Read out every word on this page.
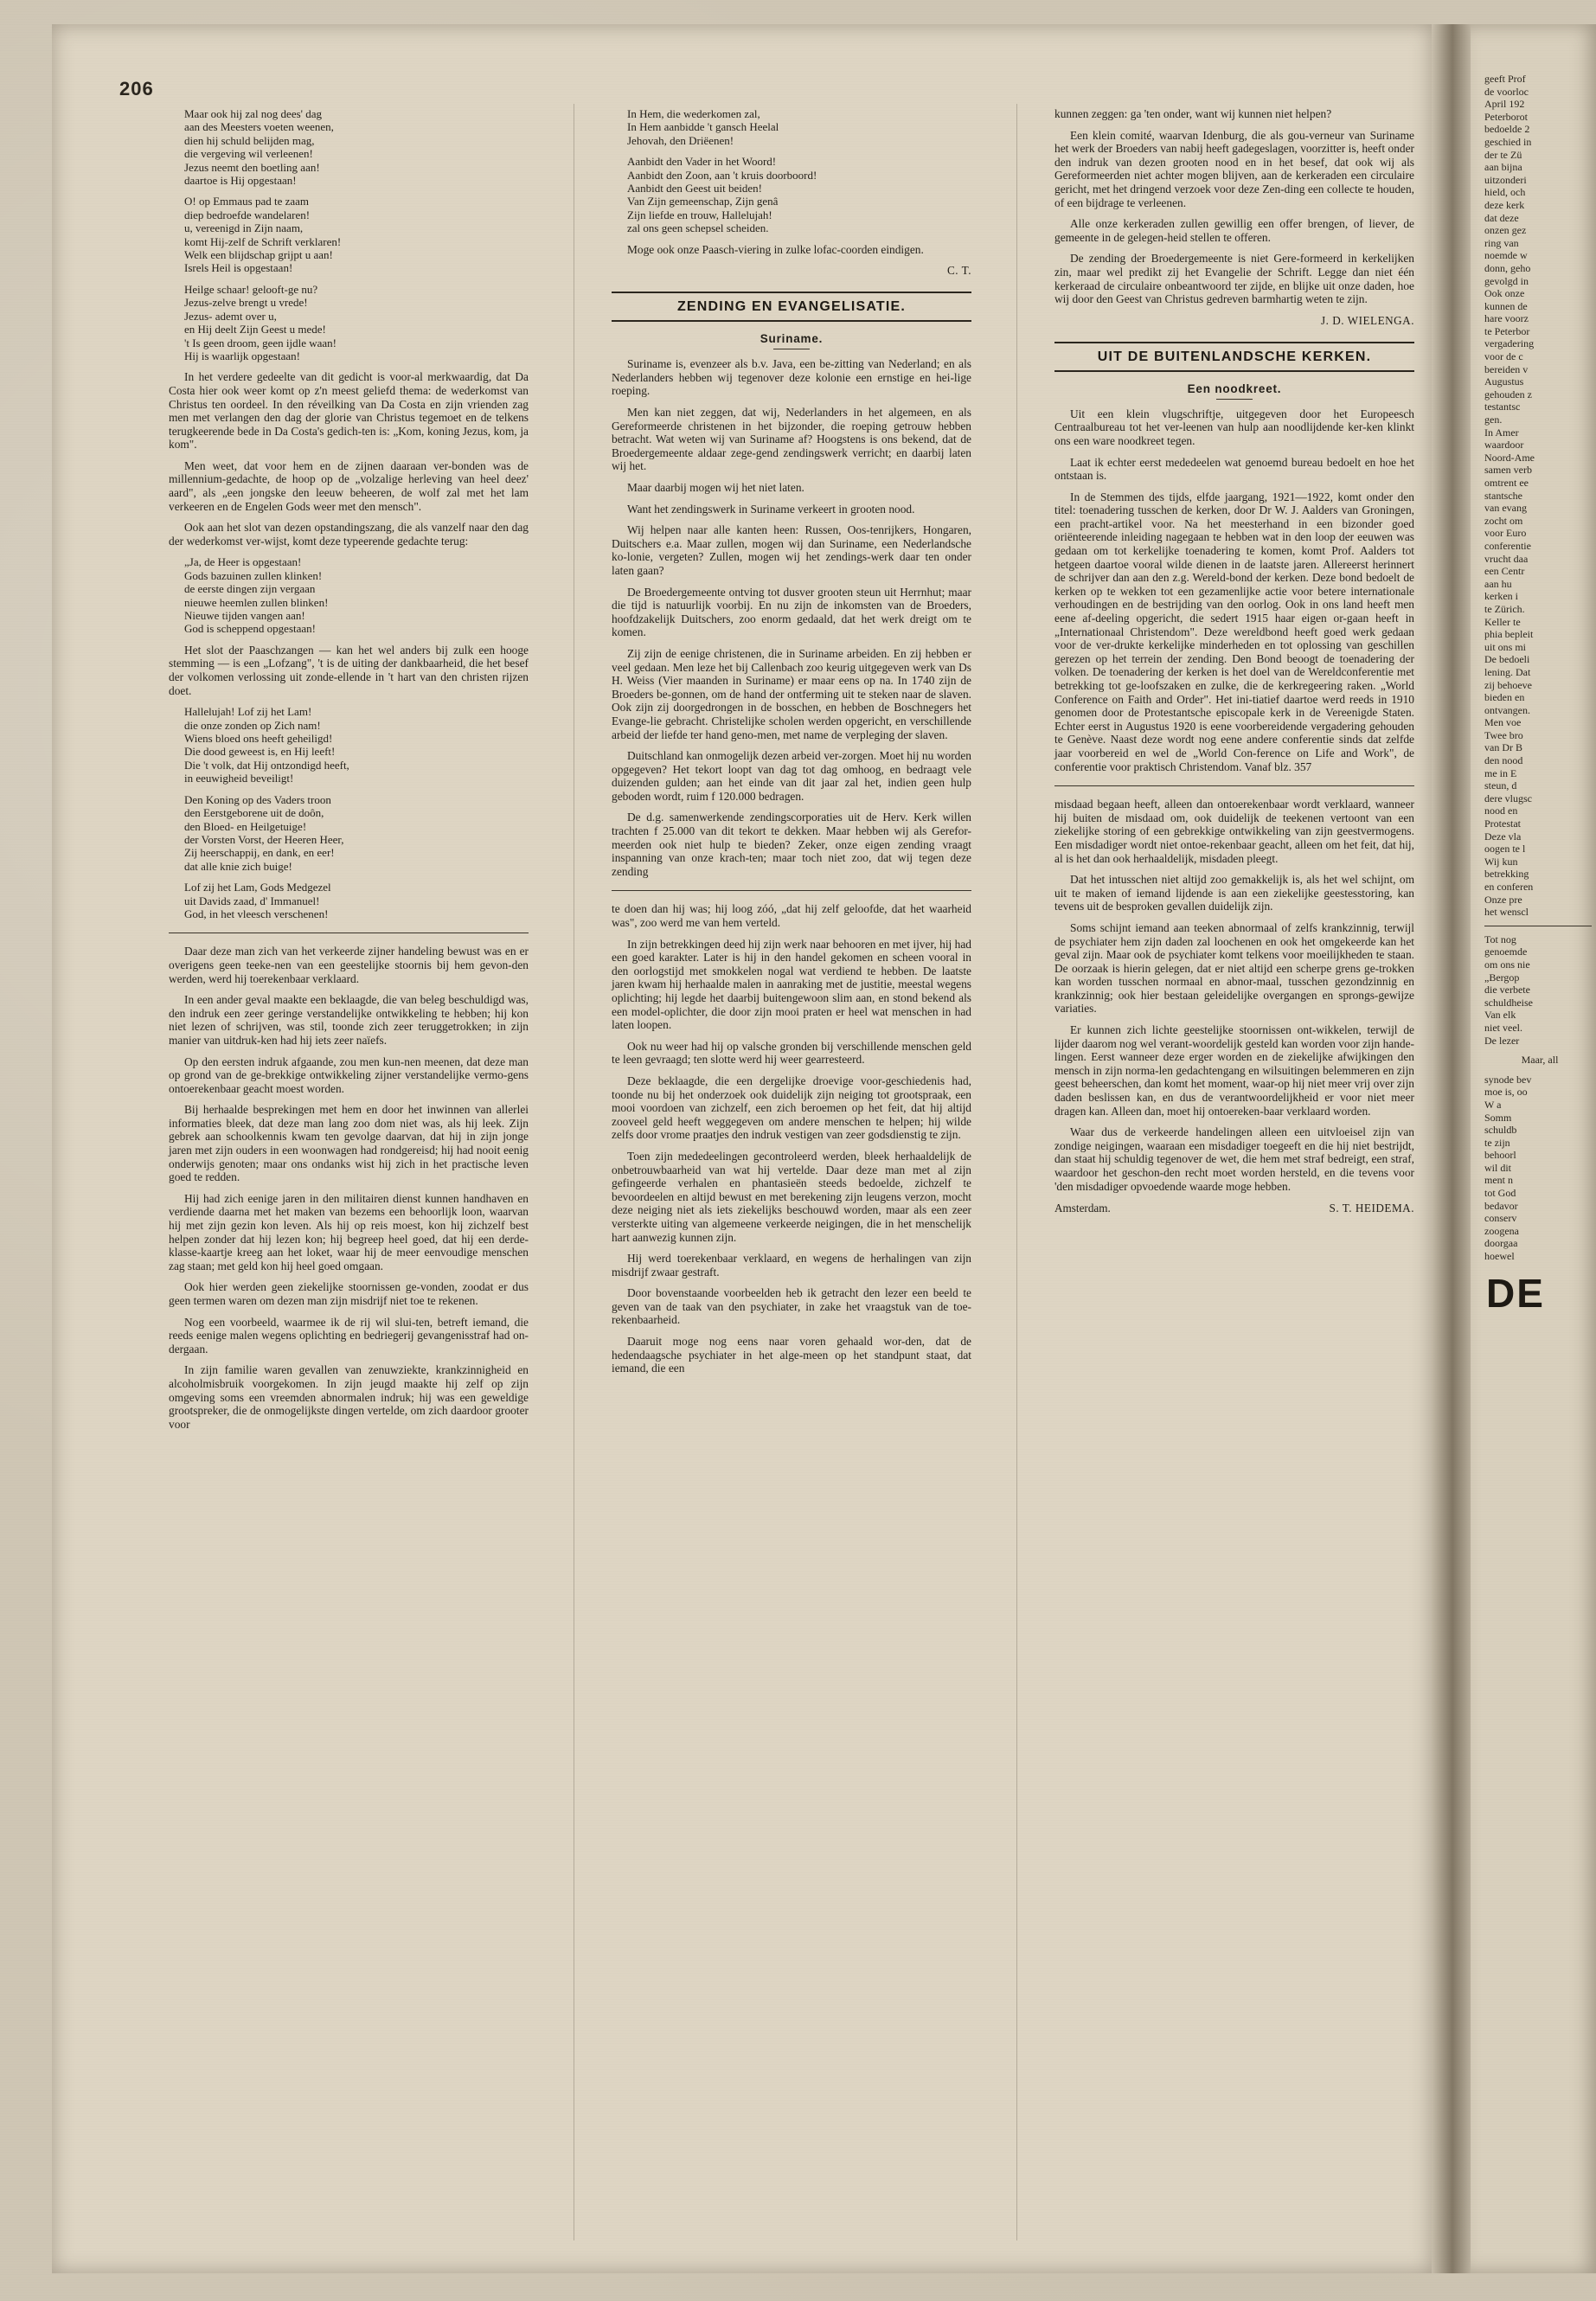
206
Maar ook hij zal nog dees' dag
aan des Meesters voeten weenen,
dien hij schuld belijden mag,
die vergeving wil verleenen!
Jezus neemt den boetling aan!
daartoe is Hij opgestaan!
O! op Emmaus pad te zaam
diep bedroefde wandelaren!
u, vereenigd in Zijn naam,
komt Hij-zelf de Schrift verklaren!
Welk een blijdschap grijpt u aan!
Isrels Heil is opgestaan!
Heilge schaar! gelooft-ge nu?
Jezus-zelve brengt u vrede!
Jezus- ademt over u,
en Hij deelt Zijn Geest u mede!
't Is geen droom, geen ijdle waan!
Hij is waarlijk opgestaan!

In het verdere gedeelte van dit gedicht is voor-al merkwaardig, dat Da Costa hier ook weer komt op z'n meest geliefd thema: de wederkomst van Christus ten oordeel. In den réveilking van Da Costa en zijn vrienden zag men met verlangen den dag der glorie van Christus tegemoet en de telkens terugkeerende bede in Da Costa's gedich-ten is: „Kom, koning Jezus, kom, ja kom".

Men weet, dat voor hem en de zijnen daaraan ver-bonden was de millennium-gedachte, de hoop op de „volzalige herleving van heel deez' aard", als „een jongske den leeuw beheeren, de wolf zal met het lam verkeeren en de Engelen Gods weer met den mensch".

Ook aan het slot van dezen opstandingszang, die als vanzelf naar den dag der wederkomst ver-wijst, komt deze typeerende gedachte terug:

„Ja, de Heer is opgestaan!
Gods bazuinen zullen klinken!
de eerste dingen zijn vergaan
nieuwe heemlen zullen blinken!
Nieuwe tijden vangen aan!
God is scheppend opgestaan!

Het slot der Paaschzangen — kan het wel anders bij zulk een hooge stemming — is een „Lofzang", 't is de uiting der dankbaarheid, die het besef der volkomen verlossing uit zonde-ellende in 't hart van den christen rijzen doet.

Hallelujah! Lof zij het Lam!
die onze zonden op Zich nam!
Wiens bloed ons heeft geheiligd!
Die dood geweest is, en Hij leeft!
Die 't volk, dat Hij ontzondigd heeft,
in eeuwigheid beveiligt!
Den Koning op des Vaders troon
den Eerstgeborene uit de doôn,
den Bloed- en Heilgetuige!
der Vorsten Vorst, der Heeren Heer,
Zij heerschappij, en dank, en eer!
dat alle knie zich buige!
Lof zij het Lam, Gods Medgezel
uit Davids zaad, d' Immanuel!
God, in het vleesch verschenen!

Daar deze man zich van het verkeerde zijner handeling bewust was en er overigens geen teeke-nen van een geestelijke stoornis bij hem gevon-den werden, werd hij toerekenbaar verklaard.

In een ander geval maakte een beklaagde, die van beleg beschuldigd was, den indruk een zeer geringe verstandelijke ontwikkeling te hebben; hij kon niet lezen of schrijven, was stil, toonde zich zeer teruggetrokken; in zijn manier van uitdruk-ken had hij iets zeer naïefs.

Op den eersten indruk afgaande, zou men kun-nen meenen, dat deze man op grond van de ge-brekkige ontwikkeling zijner verstandelijke vermo-gens ontoerekenbaar geacht moest worden.

Bij herhaalde besprekingen met hem en door het inwinnen van allerlei informaties bleek, dat deze man lang zoo dom niet was, als hij leek. Zijn gebrek aan schoolkennis kwam ten gevolge daarvan, dat hij in zijn jonge jaren met zijn ouders in een woonwagen had rondgereisd; hij had nooit eenig onderwijs genoten; maar ons ondanks wist hij zich in het practische leven goed te redden.

Hij had zich eenige jaren in den militairen dienst kunnen handhaven en verdiende daarna met het maken van bezems een behoorlijk loon, waarvan hij met zijn gezin kon leven. Als hij op reis moest, kon hij zichzelf best helpen zonder dat hij lezen kon; hij begreep heel goed, dat hij een derde-klasse-kaartje kreeg aan het loket, waar hij de meer eenvoudige menschen zag staan; met geld kon hij heel goed omgaan.

Ook hier werden geen ziekelijke stoornissen ge-vonden, zoodat er dus geen termen waren om dezen man zijn misdrijf niet toe te rekenen.

Nog een voorbeeld, waarmee ik de rij wil slui-ten, betreft iemand, die reeds eenige malen wegens oplichting en bedriegerij gevangenisstraf had on-dergaan.

In zijn familie waren gevallen van zenuwziekte, krankzinnigheid en alcoholmisbruik voorgekomen. In zijn jeugd maakte hij zelf op zijn omgeving soms een vreemden abnormalen indruk; hij was een geweldige grootspreker, die de onmogelijkste dingen vertelde, om zich daardoor grooter voor

In Hem, die wederkomen zal,
In Hem aanbidde 't gansch Heelal
Jehovah, den Driëenen!
Aanbidt den Vader in het Woord!
Aanbidt den Zoon, aan 't kruis doorboord!
Aanbidt den Geest uit beiden!
Van Zijn gemeenschap, Zijn genâ
Zijn liefde en trouw, Hallelujah!
zal ons geen schepsel scheiden.

Moge ook onze Paasch-viering in zulke lofac-coorden eindigen.

C. T.
ZENDING EN EVANGELISATIE.
Suriname.

Suriname is, evenzeer als b.v. Java, een be-zitting van Nederland; en als Nederlanders hebben wij tegenover deze kolonie een ernstige en hei-lige roeping.

Men kan niet zeggen, dat wij, Nederlanders in het algemeen, en als Gereformeerde christenen in het bijzonder, die roeping getrouw hebben betracht. Wat weten wij van Suriname af? Hoogstens is ons bekend, dat de Broedergemeente aldaar zege-gend zendingswerk verricht; en daarbij laten wij het.

Maar daarbij mogen wij het niet laten.

Want het zendingswerk in Suriname verkeert in grooten nood.

Wij helpen naar alle kanten heen: Russen, Oos-tenrijkers, Hongaren, Duitschers e.a. Maar zullen, mogen wij dan Suriname, een Nederlandsche ko-lonie, vergeten? Zullen, mogen wij het zendings-werk daar ten onder laten gaan?

De Broedergemeente ontving tot dusver grooten steun uit Herrnhut; maar die tijd is natuurlijk voorbij. En nu zijn de inkomsten van de Broeders, hoofdzakelijk Duitschers, zoo enorm gedaald, dat het werk dreigt om te komen.

Zij zijn de eenige christenen, die in Suriname arbeiden. En zij hebben er veel gedaan. Men leze het bij Callenbach zoo keurig uitgegeven werk van Ds H. Weiss (Vier maanden in Suriname) er maar eens op na. In 1740 zijn de Broeders be-gonnen, om de hand der ontferming uit te steken naar de slaven. Ook zijn zij doorgedrongen in de bosschen, en hebben de Boschnegers het Evange-lie gebracht. Christelijke scholen werden opgericht, en verschillende arbeid der liefde ter hand geno-men, met name de verpleging der slaven.

Duitschland kan onmogelijk dezen arbeid ver-zorgen. Moet hij nu worden opgegeven? Het tekort loopt van dag tot dag omhoog, en bedraagt vele duizenden gulden; aan het einde van dit jaar zal het, indien geen hulp geboden wordt, ruim f 120.000 bedragen.

De d.g. samenwerkende zendingscorporaties uit de Herv. Kerk willen trachten f 25.000 van dit tekort te dekken. Maar hebben wij als Gerefor-meerden ook niet hulp te bieden? Zeker, onze eigen zending vraagt inspanning van onze krach-ten; maar toch niet zoo, dat wij tegen deze zending

te doen dan hij was; hij loog zóó, „dat hij zelf geloofde, dat het waarheid was", zoo werd me van hem verteld.

In zijn betrekkingen deed hij zijn werk naar behooren en met ijver, hij had een goed karakter. Later is hij in den handel gekomen en scheen vooral in den oorlogstijd met smokkelen nogal wat verdiend te hebben. De laatste jaren kwam hij herhaalde malen in aanraking met de justitie, meestal wegens oplichting; hij legde het daarbij buitengewoon slim aan, en stond bekend als een model-oplichter, die door zijn mooi praten er heel wat menschen in had laten loopen.

Ook nu weer had hij op valsche gronden bij verschillende menschen geld te leen gevraagd; ten slotte werd hij weer gearresteerd.

Deze beklaagde, die een dergelijke droevige voor-geschiedenis had, toonde nu bij het onderzoek ook duidelijk zijn neiging tot grootspraak, een mooi voordoen van zichzelf, een zich beroemen op het feit, dat hij altijd zooveel geld heeft weggegeven om andere menschen te helpen; hij wilde zelfs door vrome praatjes den indruk vestigen van zeer godsdienstig te zijn.

Toen zijn mededeelingen gecontroleerd werden, bleek herhaaldelijk de onbetrouwbaarheid van wat hij vertelde. Daar deze man met al zijn gefingeerde verhalen en phantasieën steeds bedoelde, zichzelf te bevoordeelen en altijd bewust en met berekening zijn leugens verzon, mocht deze neiging niet als iets ziekelijks beschouwd worden, maar als een zeer versterkte uiting van algemeene verkeerde neigingen, die in het menschelijk hart aanwezig kunnen zijn.

Hij werd toerekenbaar verklaard, en wegens de herhalingen van zijn misdrijf zwaar gestraft.

Door bovenstaande voorbeelden heb ik getracht den lezer een beeld te geven van de taak van den psychiater, in zake het vraagstuk van de toe-rekenbaarheid.

Daaruit moge nog eens naar voren gehaald wor-den, dat de hedendaagsche psychiater in het alge-meen op het standpunt staat, dat iemand, die een

kunnen zeggen: ga 'ten onder, want wij kunnen niet helpen?

Een klein comité, waarvan Idenburg, die als gou-verneur van Suriname het werk der Broeders van nabij heeft gadegeslagen, voorzitter is, heeft onder den indruk van dezen grooten nood en in het besef, dat ook wij als Gereformeerden niet achter mogen blijven, aan de kerkeraden een circulaire gericht, met het dringend verzoek voor deze Zen-ding een collecte te houden, of een bijdrage te verleenen.

Alle onze kerkeraden zullen gewillig een offer brengen, of liever, de gemeente in de gelegen-heid stellen te offeren.

De zending der Broedergemeente is niet Gere-formeerd in kerkelijken zin, maar wel predikt zij het Evangelie der Schrift. Legge dan niet één kerkeraad de circulaire onbeantwoord ter zijde, en blijke uit onze daden, hoe wij door den Geest van Christus gedreven barmhartig weten te zijn.

J. D. WIELENGA.
UIT DE BUITENLANDSCHE KERKEN.
Een noodkreet.

Uit een klein vlugschriftje, uitgegeven door het Europeesch Centraalbureau tot het ver-leenen van hulp aan noodlijdende ker-ken klinkt ons een ware noodkreet tegen.

Laat ik echter eerst mededeelen wat genoemd bureau bedoelt en hoe het ontstaan is.

In de Stemmen des tijds, elfde jaargang, 1921—1922, komt onder den titel: toenadering tusschen de kerken, door Dr W. J. Aalders van Groningen, een pracht-artikel voor. Na het meesterhand in een bizonder goed oriënteerende inleiding nagegaan te hebben wat in den loop der eeuwen was gedaan om tot kerkelijke toenadering te komen, komt Prof. Aalders tot hetgeen daartoe vooral wilde dienen in de laatste jaren. Allereerst herinnert de schrijver dan aan den z.g. Wereld-bond der kerken. Deze bond bedoelt de kerken op te wekken tot een gezamenlijke actie voor betere internationale verhoudingen en de bestrijding van den oorlog. Ook in ons land heeft men eene af-deeling opgericht, die sedert 1915 haar eigen or-gaan heeft in „Internationaal Christendom". Deze wereldbond heeft goed werk gedaan voor de ver-drukte kerkelijke minderheden en tot oplossing van geschillen gerezen op het terrein der zending. Den Bond beoogt de toenadering der volken. De toenadering der kerken is het doel van de Wereldconferentie met betrekking tot ge-loofszaken en zulke, die de kerkregeering raken. „World Conference on Faith and Order". Het ini-tiatief daartoe werd reeds in 1910 genomen door de Protestantsche episcopale kerk in de Vereenigde Staten. Echter eerst in Augustus 1920 is eene voorbereidende vergadering gehouden te Genève. Naast deze wordt nog eene andere conferentie sinds dat zelfde jaar voorbereid en wel de „World Con-ference on Life and Work", de conferentie voor praktisch Christendom. Vanaf blz. 357

misdaad begaan heeft, alleen dan ontoerekenbaar wordt verklaard, wanneer hij buiten de misdaad om, ook duidelijk de teekenen vertoont van een ziekelijke storing of een gebrekkige ontwikkeling van zijn geestvermogens. Een misdadiger wordt niet ontoe-rekenbaar geacht, alleen om het feit, dat hij, al is het dan ook herhaaldelijk, misdaden pleegt.

Dat het intusschen niet altijd zoo gemakkelijk is, als het wel schijnt, om uit te maken of iemand lijdende is aan een ziekelijke geestesstoring, kan tevens uit de besproken gevallen duidelijk zijn.

Soms schijnt iemand aan teeken abnormaal of zelfs krankzinnig, terwijl de psychiater hem zijn daden zal loochenen en ook het omgekeerde kan het geval zijn. Maar ook de psychiater komt telkens voor moeilijkheden te staan. De oorzaak is hierin gelegen, dat er niet altijd een scherpe grens ge-trokken kan worden tusschen normaal en abnor-maal, tusschen gezondzinnig en krankzinnig; ook hier bestaan geleidelijke overgangen en sprongs-gewijze variaties.

Er kunnen zich lichte geestelijke stoornissen ont-wikkelen, terwijl de lijder daarom nog wel verant-woordelijk gesteld kan worden voor zijn hande-lingen. Eerst wanneer deze erger worden en de ziekelijke afwijkingen den mensch in zijn norma-len gedachtengang en wilsuitingen belemmeren en zijn geest beheerschen, dan komt het moment, waar-op hij niet meer vrij over zijn daden beslissen kan, en dus de verantwoordelijkheid er voor niet meer dragen kan. Alleen dan, moet hij ontoereken-baar verklaard worden.

Waar dus de verkeerde handelingen alleen een uitvloeisel zijn van zondige neigingen, waaraan een misdadiger toegeeft en die hij niet bestrijdt, dan staat hij schuldig tegenover de wet, die hem met straf bedreigt, een straf, waardoor het geschon-den recht moet worden hersteld, en die tevens voor 'den misdadiger opvoedende waarde moge hebben.

Amsterdam.	S. T. HEIDEMA.

geeft Prof
de voorloc
April 192
Peterborot
bedoelde 2
geschied in
der te Zü
aan bijna
uitzonderi
hield, och
deze kerk
dat deze
onzen gez
ring van
noemde w
donn, geho
gevolgd in
Ook onze
kunnen de
hare voorz
te Peterbor
vergadering
voor de c
bereiden v
Augustus
gehouden z
testantsc
gen.
In Amer
waardoor
Noord-Ame
samen verb
omtrent ee
stantsche
van evang
zocht om
voor Euro
conferentie
vrucht daa
een Centr
aan hu
kerken i
te Zürich.
Keller te
phia bepleit
uit ons mi
De bedoeli
lening. Dat
zij behoeve
bieden en
ontvangen.
Men voe
Twee bro
van Dr B
den nood
me in E
steun, d
dere vlugsc
nood en
Protestat
Deze vla
oogen te l
Wij kun
betrekking
en conferen
Onze pre
het wenscl

Tot nog
genoemde
om ons nie
„Bergop
die verbete
schuldheise
Van elk
niet veel.
De lezer

Maar, all

synode bev
moe is, oo
W a
Somm
schuldb
te zijn
behoorl
wil dit
ment n
tot God
bedavor
conserv
zoogena
doorgaa
hoewel

DE
